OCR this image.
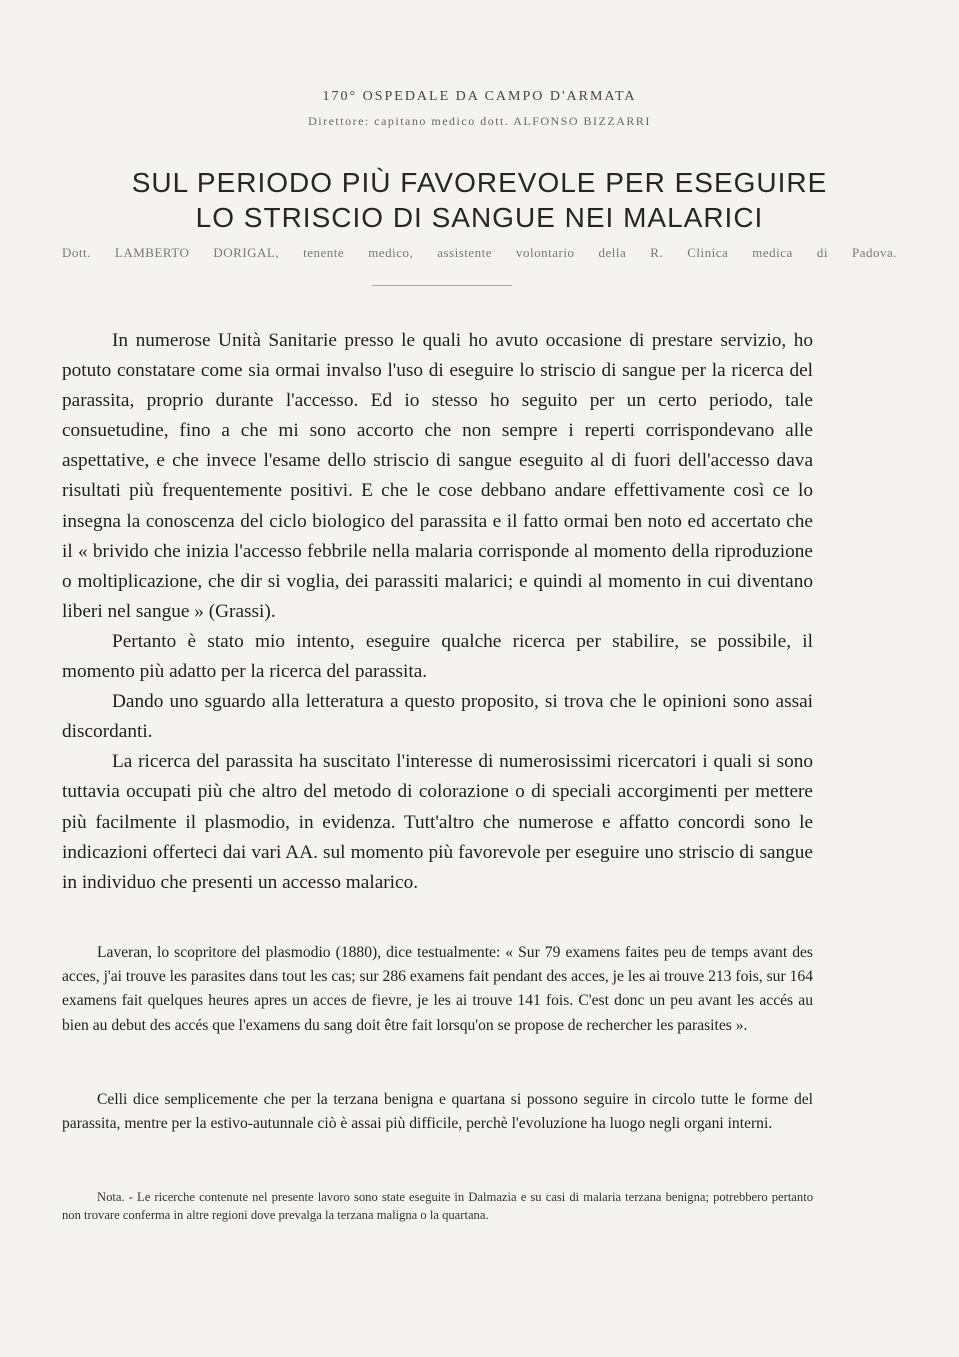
170° OSPEDALE DA CAMPO D'ARMATA
Direttore: capitano medico dott. ALFONSO BIZZARRI
SUL PERIODO PIÙ FAVOREVOLE PER ESEGUIRE
LO STRISCIO DI SANGUE NEI MALARICI
Dott. LAMBERTO DORIGAL, tenente medico, assistente volontario della R. Clinica medica di Padova.

In numerose Unità Sanitarie presso le quali ho avuto occasione di prestare servizio, ho potuto constatare come sia ormai invalso l'uso di eseguire lo striscio di sangue per la ricerca del parassita, proprio durante l'accesso. Ed io stesso ho seguito per un certo periodo, tale consuetudine, fino a che mi sono accorto che non sempre i reperti corrispondevano alle aspettative, e che invece l'esame dello striscio di sangue eseguito al di fuori dell'accesso dava risultati più frequentemente positivi. E che le cose debbano andare effettivamente così ce lo insegna la conoscenza del ciclo biologico del parassita e il fatto ormai ben noto ed accertato che il « brivido che inizia l'accesso febbrile nella malaria corrisponde al momento della riproduzione o moltiplicazione, che dir si voglia, dei parassiti malarici; e quindi al momento in cui diventano liberi nel sangue » (Grassi).

Pertanto è stato mio intento, eseguire qualche ricerca per stabilire, se possibile, il momento più adatto per la ricerca del parassita.

Dando uno sguardo alla letteratura a questo proposito, si trova che le opinioni sono assai discordanti.

La ricerca del parassita ha suscitato l'interesse di numerosissimi ricercatori i quali si sono tuttavia occupati più che altro del metodo di colorazione o di speciali accorgimenti per mettere più facilmente il plasmodio, in evidenza. Tutt'altro che numerose e affatto concordi sono le indicazioni offerteci dai vari AA. sul momento più favorevole per eseguire uno striscio di sangue in individuo che presenti un accesso malarico.

Laveran, lo scopritore del plasmodio (1880), dice testualmente: « Sur 79 examens faites peu de temps avant des acces, j'ai trouve les parasites dans tout les cas; sur 286 examens fait pendant des acces, je les ai trouve 213 fois, sur 164 examens fait quelques heures apres un acces de fievre, je les ai trouve 141 fois. C'est donc un peu avant les accés au bien au debut des accés que l'examens du sang doit être fait lorsqu'on se propose de rechercher les parasites ».

Celli dice semplicemente che per la terzana benigna e quartana si possono seguire in circolo tutte le forme del parassita, mentre per la estivo-autunnale ciò è assai più difficile, perchè l'evoluzione ha luogo negli organi interni.

Nota. - Le ricerche contenute nel presente lavoro sono state eseguite in Dalmazia e su casi di malaria terzana benigna; potrebbero pertanto non trovare conferma in altre regioni dove prevalga la terzana maligna o la quartana.
